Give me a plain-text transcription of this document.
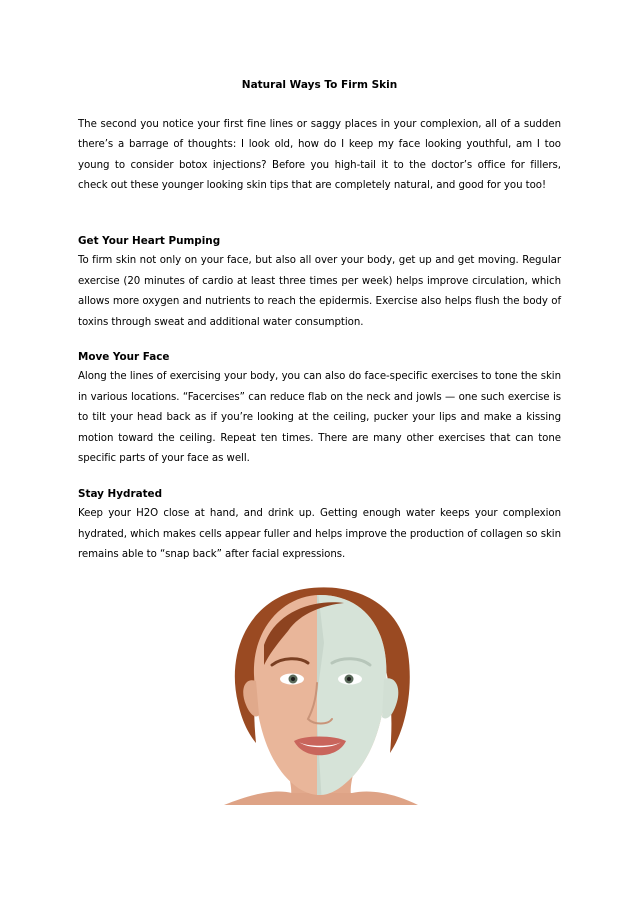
Natural Ways To Firm Skin

The second you notice your first fine lines or saggy places in your complexion, all of a sudden there’s a barrage of thoughts: I look old, how do I keep my face looking youthful, am I too young to consider botox injections? Before you high-tail it to the doctor’s office for fillers, check out these younger looking skin tips that are completely natural, and good for you too!

Get Your Heart Pumping

To firm skin not only on your face, but also all over your body, get up and get moving. Regular exercise (20 minutes of cardio at least three times per week) helps improve circulation, which allows more oxygen and nutrients to reach the epidermis. Exercise also helps flush the body of toxins through sweat and additional water consumption.

Move Your Face

Along the lines of exercising your body, you can also do face-specific exercises to tone the skin in various locations. “Facercises” can reduce flab on the neck and jowls — one such exercise is to tilt your head back as if you’re looking at the ceiling, pucker your lips and make a kissing motion toward the ceiling. Repeat ten times. There are many other exercises that can tone specific parts of your face as well.

Stay Hydrated

Keep your H2O close at hand, and drink up. Getting enough water keeps your complexion hydrated, which makes cells appear fuller and helps improve the production of collagen so skin remains able to “snap back” after facial expressions.
